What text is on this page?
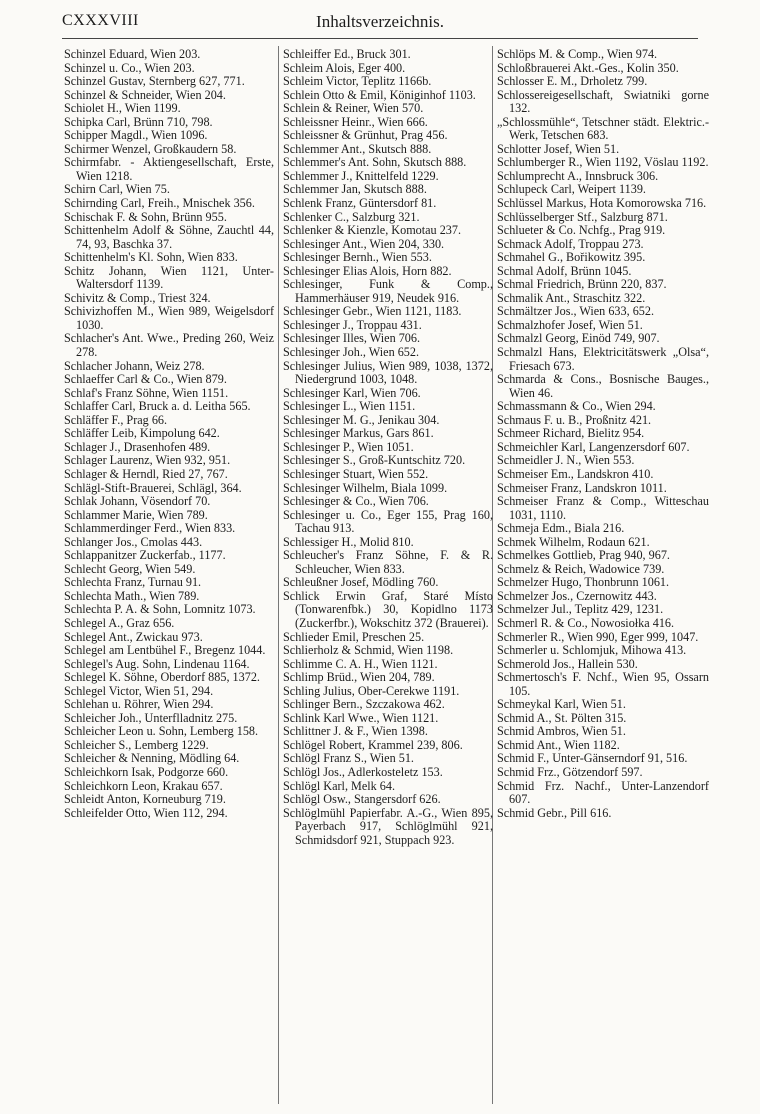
CXXXVIII	Inhaltsverzeichnis.

Schinzel Eduard, Wien 203.

Schinzel u. Co., Wien 203.

Schinzel Gustav, Sternberg 627, 771.

Schinzel & Schneider, Wien 204.

Schiolet H., Wien 1199.

Schipka Carl, Brünn 710, 798.

Schipper Magdl., Wien 1096.

Schirmer Wenzel, Großkaudern 58.

Schirmfabr. - Aktiengesellschaft, Erste, Wien 1218.

Schirn Carl, Wien 75.

Schirnding Carl, Freih., Mnischek 356.

Schischak F. & Sohn, Brünn 955.

Schittenhelm Adolf & Söhne, Zauchtl 44, 74, 93, Baschka 37.

Schittenhelm's Kl. Sohn, Wien 833.

Schitz Johann, Wien 1121, Unter-Waltersdorf 1139.

Schivitz & Comp., Triest 324.

Schivizhoffen M., Wien 989, Weigelsdorf 1030.

Schlacher's Ant. Wwe., Preding 260, Weiz 278.

Schlacher Johann, Weiz 278.

Schlaeffer Carl & Co., Wien 879.

Schlaf's Franz Söhne, Wien 1151.

Schlaffer Carl, Bruck a. d. Leitha 565.

Schläffer F., Prag 66.

Schläffer Leib, Kimpolung 642.

Schlager J., Drasenhofen 489.

Schlager Laurenz, Wien 932, 951.

Schlager & Herndl, Ried 27, 767.

Schlägl-Stift-Brauerei, Schlägl, 364.

Schlak Johann, Vösendorf 70.

Schlammer Marie, Wien 789.

Schlammerdinger Ferd., Wien 833.

Schlanger Jos., Cmolas 443.

Schlappanitzer Zuckerfab., 1177.

Schlecht Georg, Wien 549.

Schlechta Franz, Turnau 91.

Schlechta Math., Wien 789.

Schlechta P. A. & Sohn, Lomnitz 1073.

Schlegel A., Graz 656.

Schlegel Ant., Zwickau 973.

Schlegel am Lentbühel F., Bregenz 1044.

Schlegel's Aug. Sohn, Lindenau 1164.

Schlegel K. Söhne, Oberdorf 885, 1372.

Schlegel Victor, Wien 51, 294.

Schlehan u. Röhrer, Wien 294.

Schleicher Joh., Unterflladnitz 275.

Schleicher Leon u. Sohn, Lemberg 158.

Schleicher S., Lemberg 1229.

Schleicher & Nenning, Mödling 64.

Schleichkorn Isak, Podgorze 660.

Schleichkorn Leon, Krakau 657.

Schleidt Anton, Korneuburg 719.

Schleifelder Otto, Wien 112, 294.

Schleiffer Ed., Bruck 301.

Schleim Alois, Eger 400.

Schleim Victor, Teplitz 1166b.

Schlein Otto & Emil, Königinhof 1103.

Schlein & Reiner, Wien 570.

Schleissner Heinr., Wien 666.

Schleissner & Grünhut, Prag 456.

Schlemmer Ant., Skutsch 888.

Schlemmer's Ant. Sohn, Skutsch 888.

Schlemmer J., Knittelfeld 1229.

Schlemmer Jan, Skutsch 888.

Schlenk Franz, Güntersdorf 81.

Schlenker C., Salzburg 321.

Schlenker & Kienzle, Komotau 237.

Schlesinger Ant., Wien 204, 330.

Schlesinger Bernh., Wien 553.

Schlesinger Elias Alois, Horn 882.

Schlesinger, Funk & Comp., Hammerhäuser 919, Neudek 916.

Schlesinger Gebr., Wien 1121, 1183.

Schlesinger J., Troppau 431.

Schlesinger Illes, Wien 706.

Schlesinger Joh., Wien 652.

Schlesinger Julius, Wien 989, 1038, 1372, Niedergrund 1003, 1048.

Schlesinger Karl, Wien 706.

Schlesinger L., Wien 1151.

Schlesinger M. G., Jenikau 304.

Schlesinger Markus, Gars 861.

Schlesinger P., Wien 1051.

Schlesinger S., Groß-Kuntschitz 720.

Schlesinger Stuart, Wien 552.

Schlesinger Wilhelm, Biala 1099.

Schlesinger & Co., Wien 706.

Schlesinger u. Co., Eger 155, Prag 160, Tachau 913.

Schlessiger H., Molid 810.

Schleucher's Franz Söhne, F. & R. Schleucher, Wien 833.

Schleußner Josef, Mödling 760.

Schlick Erwin Graf, Staré Místo (Tonwarenfbk.) 30, Kopidlno 1173 (Zuckerfbr.), Wokschitz 372 (Brauerei).

Schlieder Emil, Preschen 25.

Schlierholz & Schmid, Wien 1198.

Schlimme C. A. H., Wien 1121.

Schlimp Brüd., Wien 204, 789.

Schling Julius, Ober-Cerekwe 1191.

Schlinger Bern., Szczakowa 462.

Schlink Karl Wwe., Wien 1121.

Schlittner J. & F., Wien 1398.

Schlögel Robert, Krammel 239, 806.

Schlögl Franz S., Wien 51.

Schlögl Jos., Adlerkosteletz 153.

Schlögl Karl, Melk 64.

Schlögl Osw., Stangersdorf 626.

Schlöglmühl Papierfabr. A.-G., Wien 895, Payerbach 917, Schlöglmühl 921, Schmidsdorf 921, Stuppach 923.

Schlöps M. & Comp., Wien 974.

Schloßbrauerei Akt.-Ges., Kolin 350.

Schlosser E. M., Drholetz 799.

Schlossereigesellschaft, Swiatniki gorne 132.

„Schlossmühle“, Tetschner städt. Elektric.-Werk, Tetschen 683.

Schlotter Josef, Wien 51.

Schlumberger R., Wien 1192, Vöslau 1192.

Schlumprecht A., Innsbruck 306.

Schlupeck Carl, Weipert 1139.

Schlüssel Markus, Hota Komorowska 716.

Schlüsselberger Stf., Salzburg 871.

Schlueter & Co. Nchfg., Prag 919.

Schmack Adolf, Troppau 273.

Schmahel G., Bořikowitz 395.

Schmal Adolf, Brünn 1045.

Schmal Friedrich, Brünn 220, 837.

Schmalik Ant., Straschitz 322.

Schmältzer Jos., Wien 633, 652.

Schmalzhofer Josef, Wien 51.

Schmalzl Georg, Einöd 749, 907.

Schmalzl Hans, Elektricitätswerk „Olsa“, Friesach 673.

Schmarda & Cons., Bosnische Bauges., Wien 46.

Schmassmann & Co., Wien 294.

Schmaus F. u. B., Proßnitz 421.

Schmeer Richard, Bielitz 954.

Schmeichler Karl, Langenzersdorf 607.

Schmeidler J. N., Wien 553.

Schmeiser Em., Landskron 410.

Schmeiser Franz, Landskron 1011.

Schmeiser Franz & Comp., Witteschau 1031, 1110.

Schmeja Edm., Biala 216.

Schmek Wilhelm, Rodaun 621.

Schmelkes Gottlieb, Prag 940, 967.

Schmelz & Reich, Wadowice 739.

Schmelzer Hugo, Thonbrunn 1061.

Schmelzer Jos., Czernowitz 443.

Schmelzer Jul., Teplitz 429, 1231.

Schmerl R. & Co., Nowosiołka 416.

Schmerler R., Wien 990, Eger 999, 1047.

Schmerler u. Schlomjuk, Mihowa 413.

Schmerold Jos., Hallein 530.

Schmertosch's F. Nchf., Wien 95, Ossarn 105.

Schmeykal Karl, Wien 51.

Schmid A., St. Pölten 315.

Schmid Ambros, Wien 51.

Schmid Ant., Wien 1182.

Schmid F., Unter-Gänserndorf 91, 516.

Schmid Frz., Götzendorf 597.

Schmid Frz. Nachf., Unter-Lanzendorf 607.

Schmid Gebr., Pill 616.
